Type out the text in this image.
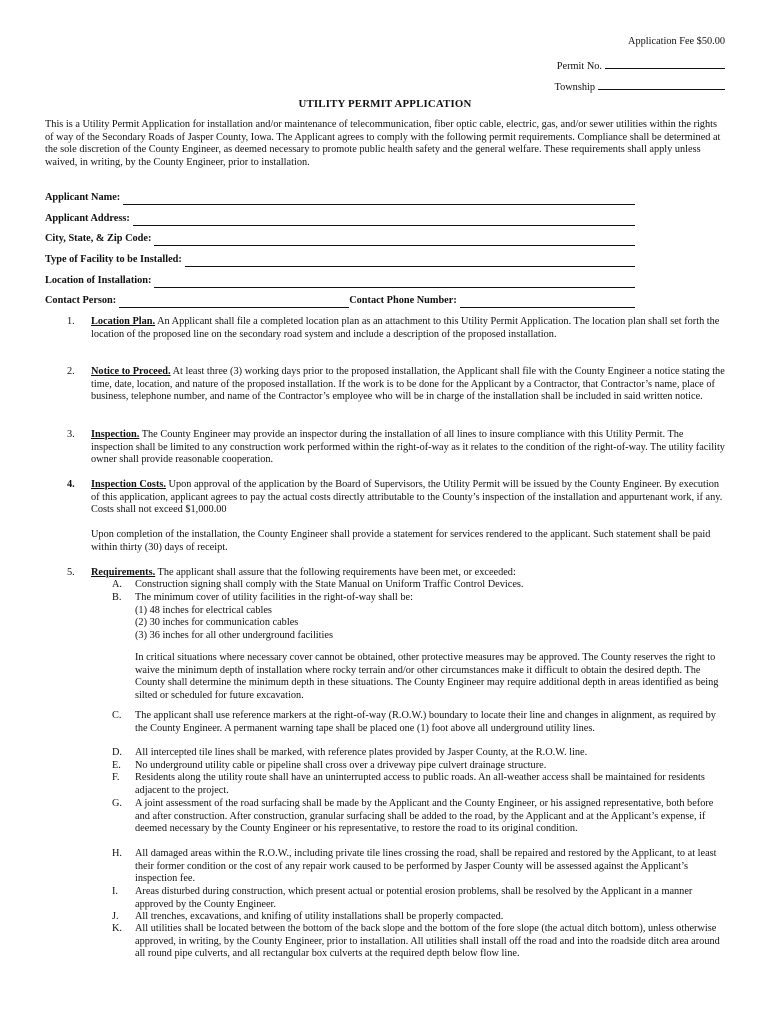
Application Fee $50.00
Permit No.
Township
UTILITY PERMIT APPLICATION
This is a Utility Permit Application for installation and/or maintenance of telecommunication, fiber optic cable, electric, gas, and/or sewer utilities within the rights of way of the Secondary Roads of Jasper County, Iowa. The Applicant agrees to comply with the following permit requirements. Compliance shall be determined at the sole discretion of the County Engineer, as deemed necessary to promote public health safety and the general welfare. These requirements shall apply unless waived, in writing, by the County Engineer, prior to installation.
Applicant Name:
Applicant Address:
City, State, & Zip Code:
Type of Facility to be Installed:
Location of Installation:
Contact Person:	Contact Phone Number:
1. Location Plan. An Applicant shall file a completed location plan as an attachment to this Utility Permit Application. The location plan shall set forth the location of the proposed line on the secondary road system and include a description of the proposed installation.
2. Notice to Proceed. At least three (3) working days prior to the proposed installation, the Applicant shall file with the County Engineer a notice stating the time, date, location, and nature of the proposed installation. If the work is to be done for the Applicant by a Contractor, that Contractor’s name, place of business, telephone number, and name of the Contractor’s employee who will be in charge of the installation shall be included in said written notice.
3. Inspection. The County Engineer may provide an inspector during the installation of all lines to insure compliance with this Utility Permit. The inspection shall be limited to any construction work performed within the right-of-way as it relates to the condition of the right-of-way. The utility facility owner shall provide reasonable cooperation.
4. Inspection Costs. Upon approval of the application by the Board of Supervisors, the Utility Permit will be issued by the County Engineer. By execution of this application, applicant agrees to pay the actual costs directly attributable to the County’s inspection of the installation and appurtenant work, if any. Costs shall not exceed $1,000.00
Upon completion of the installation, the County Engineer shall provide a statement for services rendered to the applicant. Such statement shall be paid within thirty (30) days of receipt.
5. Requirements. The applicant shall assure that the following requirements have been met, or exceeded:
A. Construction signing shall comply with the State Manual on Uniform Traffic Control Devices.
B. The minimum cover of utility facilities in the right-of-way shall be:
(1) 48 inches for electrical cables
(2) 30 inches for communication cables
(3) 36 inches for all other underground facilities
In critical situations where necessary cover cannot be obtained, other protective measures may be approved. The County reserves the right to waive the minimum depth of installation where rocky terrain and/or other circumstances make it difficult to obtain the desired depth. The County shall determine the minimum depth in these situations. The County Engineer may require additional depth in areas identified as being silted or scheduled for future excavation.
C. The applicant shall use reference markers at the right-of-way (R.O.W.) boundary to locate their line and changes in alignment, as required by the County Engineer. A permanent warning tape shall be placed one (1) foot above all underground utility lines.
D. All intercepted tile lines shall be marked, with reference plates provided by Jasper County, at the R.O.W. line.
E. No underground utility cable or pipeline shall cross over a driveway pipe culvert drainage structure.
F. Residents along the utility route shall have an uninterrupted access to public roads. An all-weather access shall be maintained for residents adjacent to the project.
G. A joint assessment of the road surfacing shall be made by the Applicant and the County Engineer, or his assigned representative, both before and after construction. After construction, granular surfacing shall be added to the road, by the Applicant and at the Applicant’s expense, if deemed necessary by the County Engineer or his representative, to restore the road to its original condition.
H. All damaged areas within the R.O.W., including private tile lines crossing the road, shall be repaired and restored by the Applicant, to at least their former condition or the cost of any repair work caused to be performed by Jasper County will be assessed against the Applicant’s inspection fee.
I. Areas disturbed during construction, which present actual or potential erosion problems, shall be resolved by the Applicant in a manner approved by the County Engineer.
J. All trenches, excavations, and knifing of utility installations shall be properly compacted.
K. All utilities shall be located between the bottom of the back slope and the bottom of the fore slope (the actual ditch bottom), unless otherwise approved, in writing, by the County Engineer, prior to installation. All utilities shall install off the road and into the roadside ditch area around all round pipe culverts, and all rectangular box culverts at the required depth below flow line.
